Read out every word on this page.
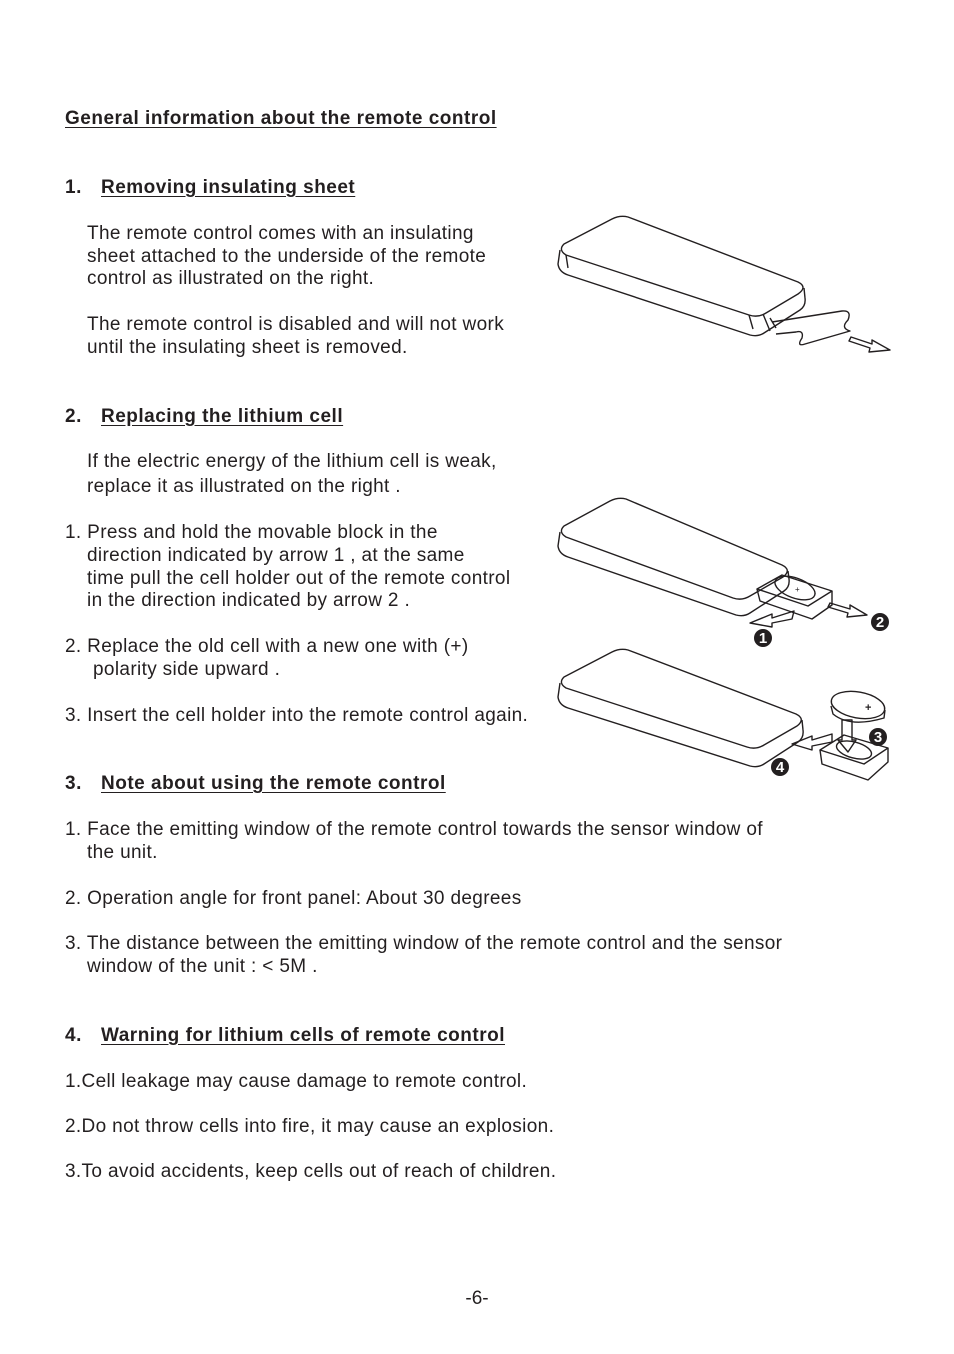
General information about the remote control
1. Removing insulating sheet
The remote control comes with an insulating
sheet attached to the underside of the remote
control as illustrated on the right.
The remote control is disabled and will not work
until the insulating sheet is removed.
2. Replacing the lithium cell
If the electric energy of the lithium cell is weak,
replace it as illustrated on the right .
1. Press and hold the movable block in the
direction indicated by arrow 1 , at the same
time pull the cell holder out of the remote control
in the direction indicated by arrow 2 .
2. Replace the old cell with a new one with (+)
polarity side upward .
3. Insert the cell holder into the remote control again.
+
1
2
3
4
+
3. Note about using the remote control
1. Face the emitting window of the remote control towards the sensor window of
the unit.
2. Operation angle for front panel: About 30 degrees
3. The distance between the emitting window of the remote control and the sensor
window of the unit : < 5M .
4. Warning for lithium cells of remote control
1.Cell leakage may cause damage to remote control.
2.Do not throw cells into fire, it may cause an explosion.
3.To avoid accidents, keep cells out of reach of children.
-6-
